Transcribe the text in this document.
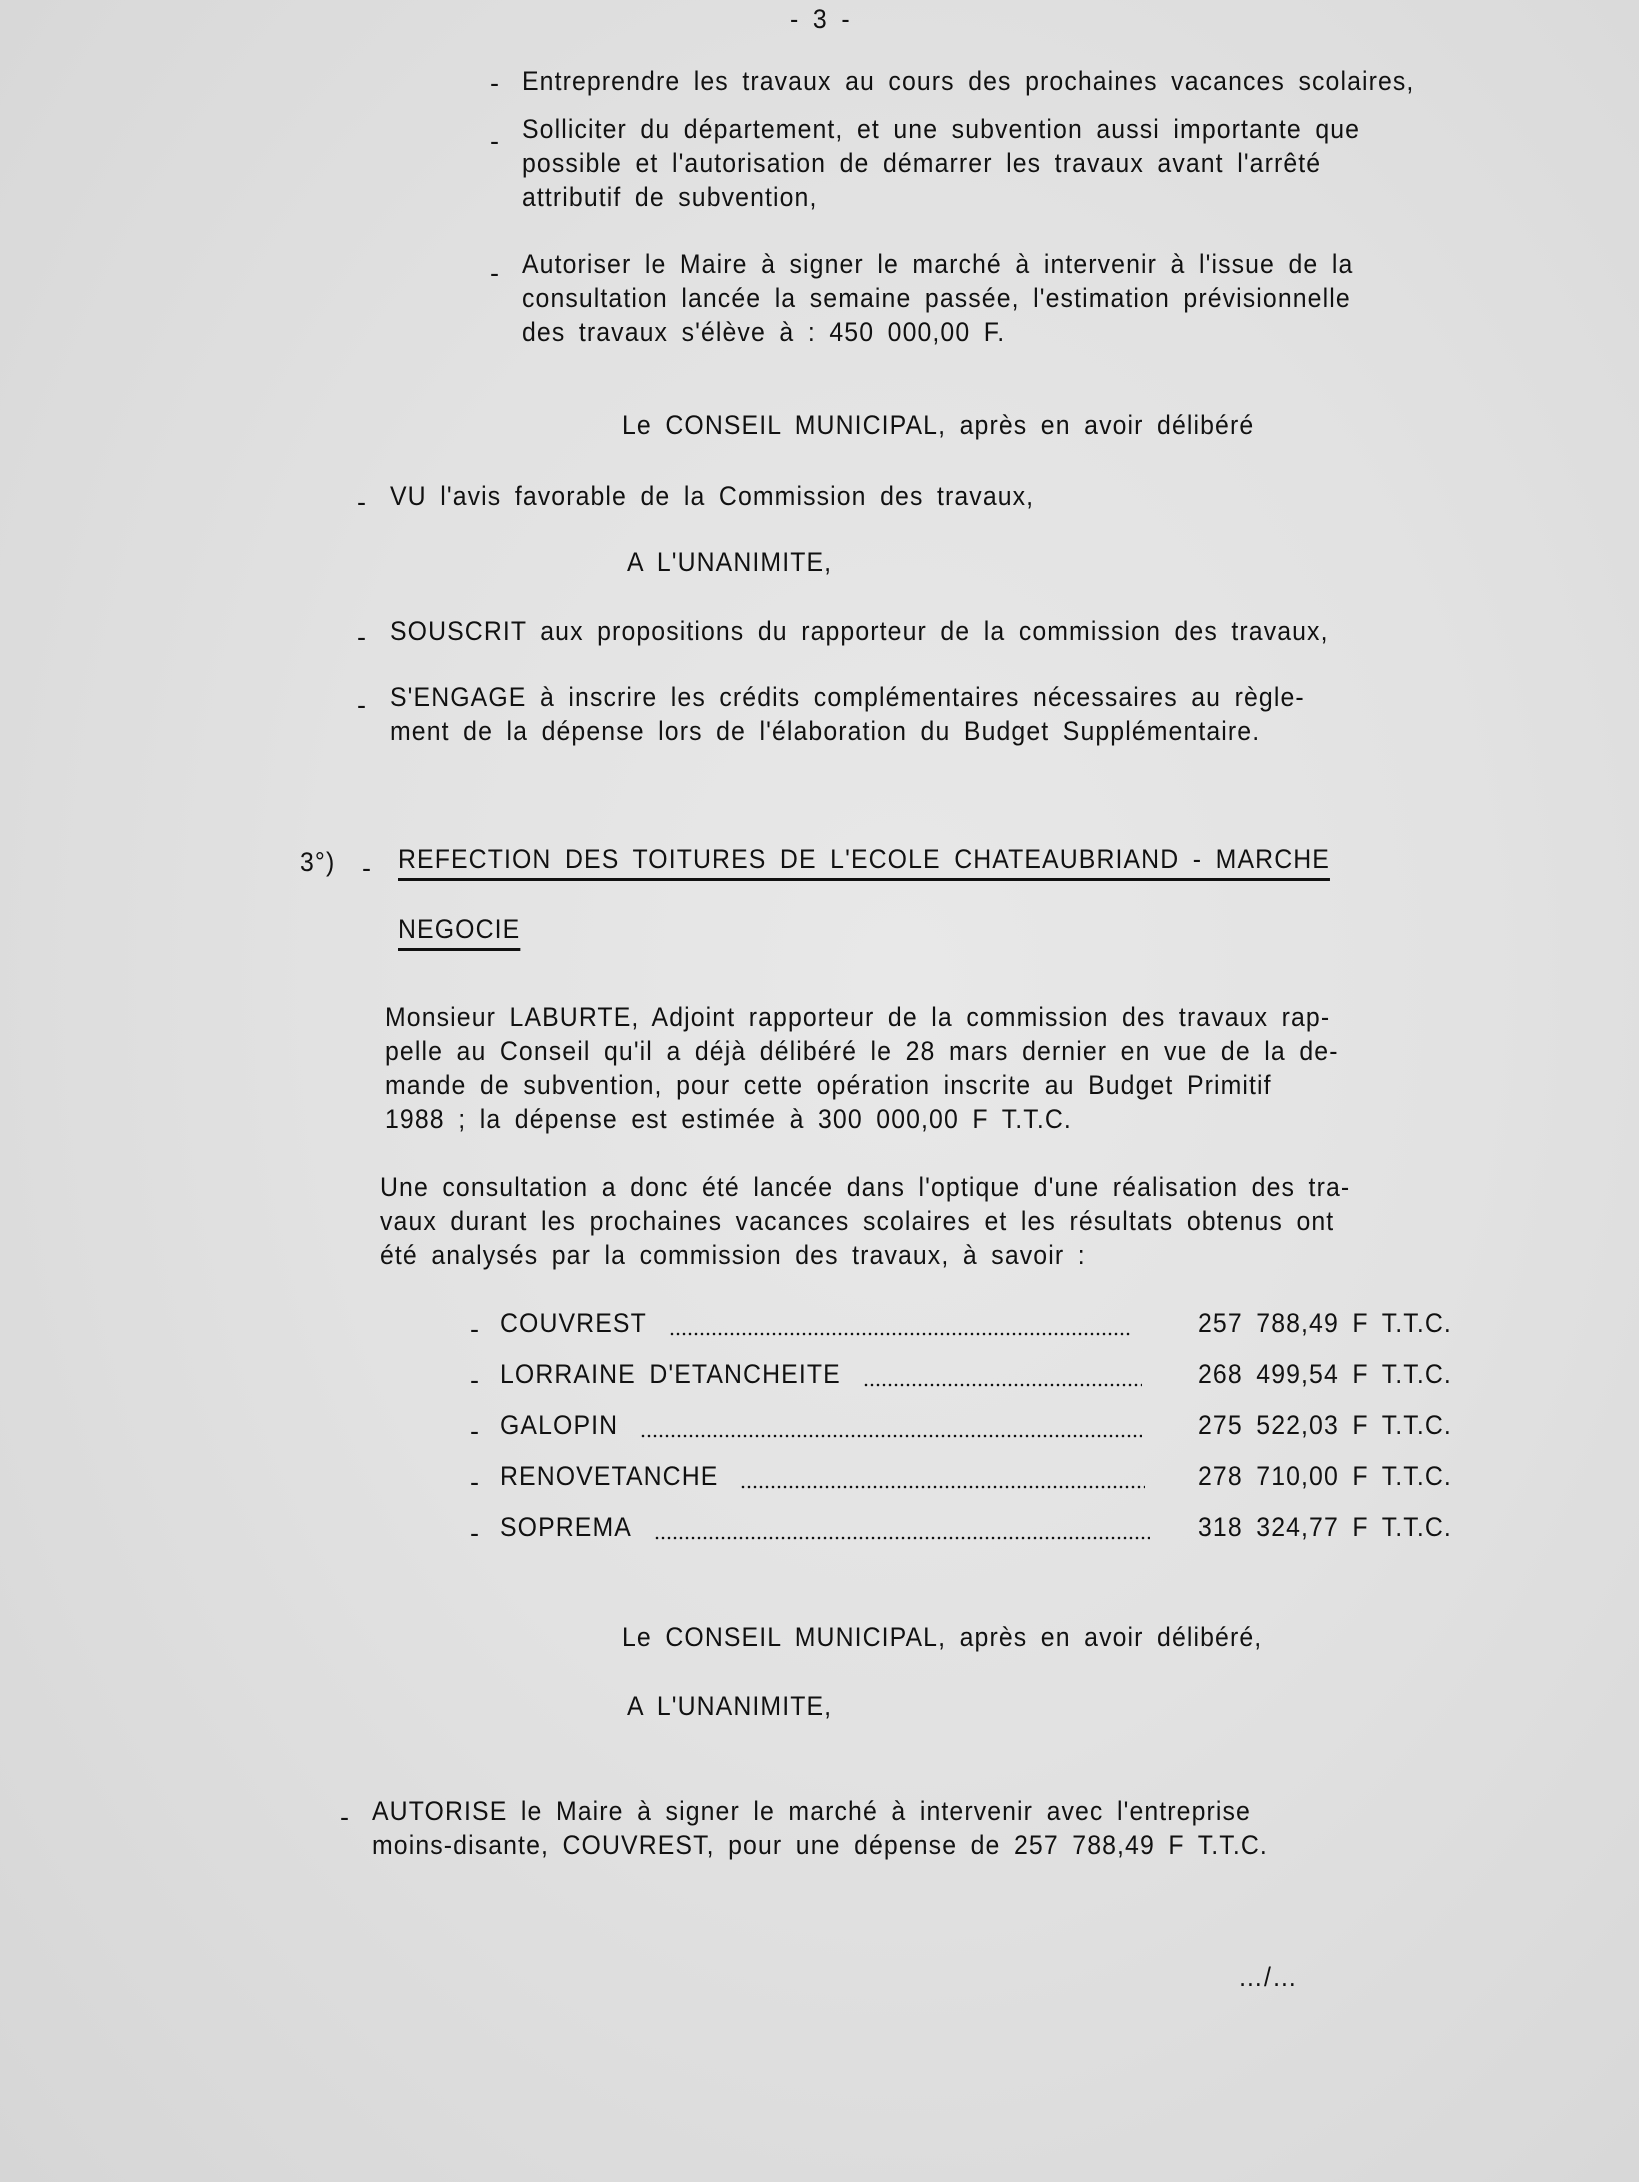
- 3 -
- Entreprendre les travaux au cours des prochaines vacances scolaires,
- Solliciter du département, et une subvention aussi importante que
possible et l'autorisation de démarrer les travaux avant l'arrêté
attributif de subvention,
- Autoriser le Maire à signer le marché à intervenir à l'issue de la
consultation lancée la semaine passée, l'estimation prévisionnelle
des travaux s'élève à : 450 000,00 F.
Le CONSEIL MUNICIPAL, après en avoir délibéré
- VU l'avis favorable de la Commission des travaux,
A L'UNANIMITE,
- SOUSCRIT aux propositions du rapporteur de la commission des travaux,
- S'ENGAGE à inscrire les crédits complémentaires nécessaires au règle-
ment de la dépense lors de l'élaboration du Budget Supplémentaire.
3°) - REFECTION DES TOITURES DE L'ECOLE CHATEAUBRIAND - MARCHE
NEGOCIE
Monsieur LABURTE, Adjoint rapporteur de la commission des travaux rap-
pelle au Conseil qu'il a déjà délibéré le 28 mars dernier en vue de la de-
mande de subvention, pour cette opération inscrite au Budget Primitif
1988 ; la dépense est estimée à 300 000,00 F T.T.C.
Une consultation a donc été lancée dans l'optique d'une réalisation des tra-
vaux durant les prochaines vacances scolaires et les résultats obtenus ont
été analysés par la commission des travaux, à savoir :
- COUVREST	257 788,49 F T.T.C.
- LORRAINE D'ETANCHEITE	268 499,54 F T.T.C.
- GALOPIN	275 522,03 F T.T.C.
- RENOVETANCHE	278 710,00 F T.T.C.
- SOPREMA	318 324,77 F T.T.C.
Le CONSEIL MUNICIPAL, après en avoir délibéré,
A L'UNANIMITE,
- AUTORISE le Maire à signer le marché à intervenir avec l'entreprise
moins-disante, COUVREST, pour une dépense de 257 788,49 F T.T.C.
…/…
